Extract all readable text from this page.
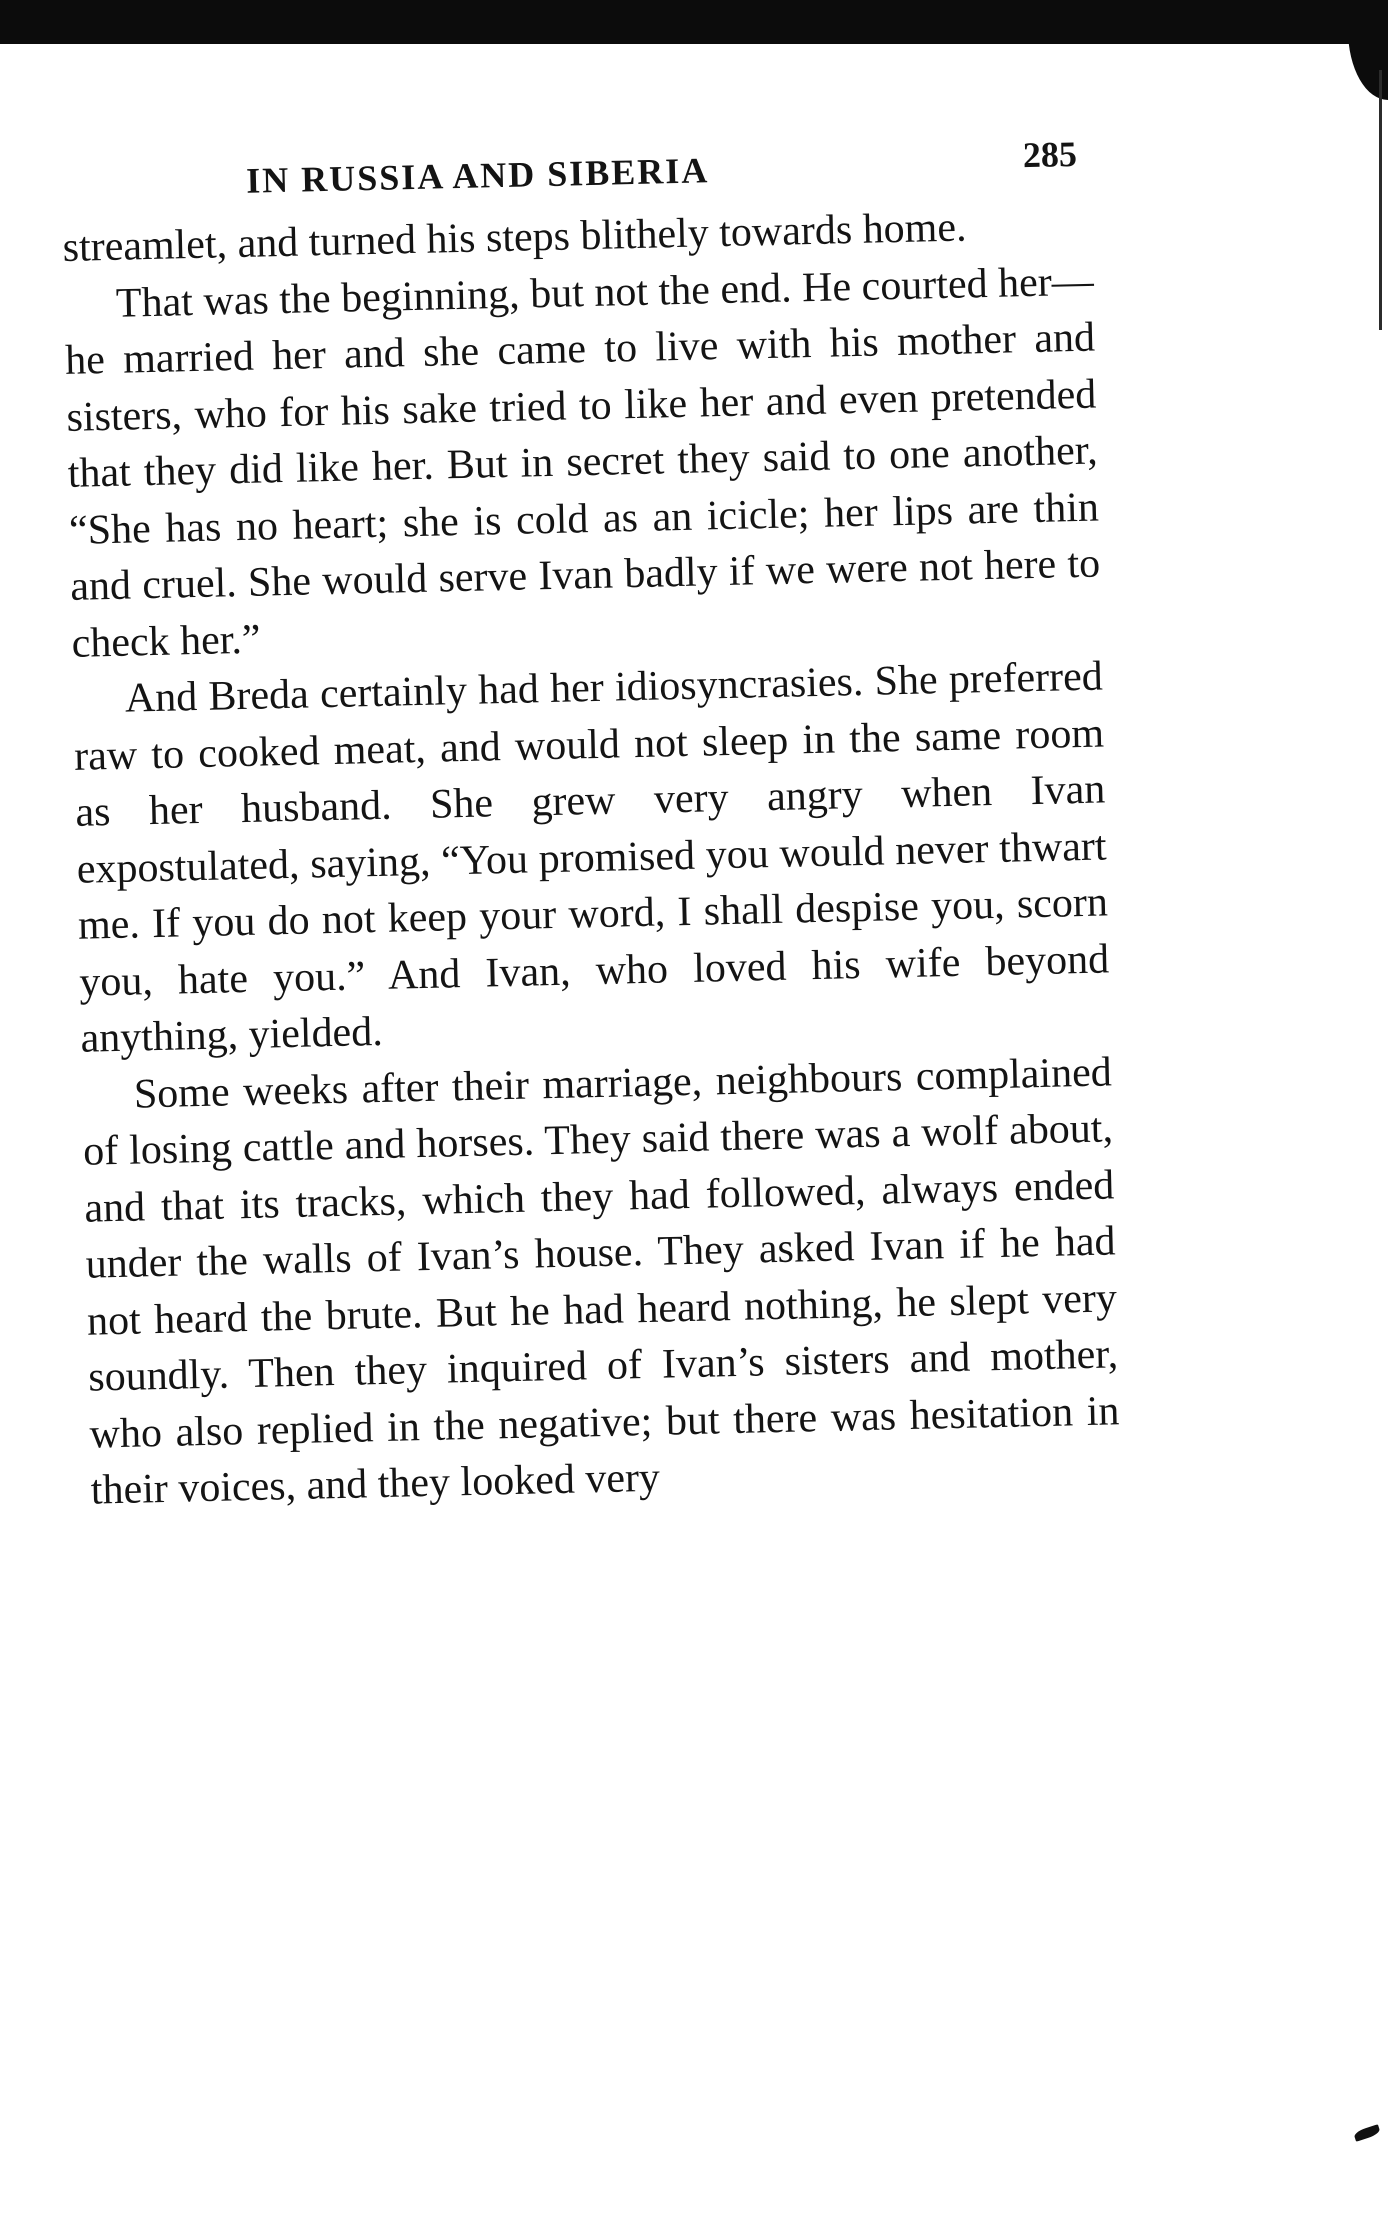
IN RUSSIA AND SIBERIA	285

streamlet, and turned his steps blithely towards home.

That was the beginning, but not the end. He courted her—he married her and she came to live with his mother and sisters, who for his sake tried to like her and even pretended that they did like her. But in secret they said to one another, “She has no heart; she is cold as an icicle; her lips are thin and cruel. She would serve Ivan badly if we were not here to check her.”

And Breda certainly had her idiosyncrasies. She preferred raw to cooked meat, and would not sleep in the same room as her husband. She grew very angry when Ivan expostulated, saying, “You promised you would never thwart me. If you do not keep your word, I shall despise you, scorn you, hate you.” And Ivan, who loved his wife beyond anything, yielded.

Some weeks after their marriage, neighbours complained of losing cattle and horses. They said there was a wolf about, and that its tracks, which they had followed, always ended under the walls of Ivan’s house. They asked Ivan if he had not heard the brute. But he had heard nothing, he slept very soundly. Then they inquired of Ivan’s sisters and mother, who also replied in the negative; but there was hesitation in their voices, and they looked very
